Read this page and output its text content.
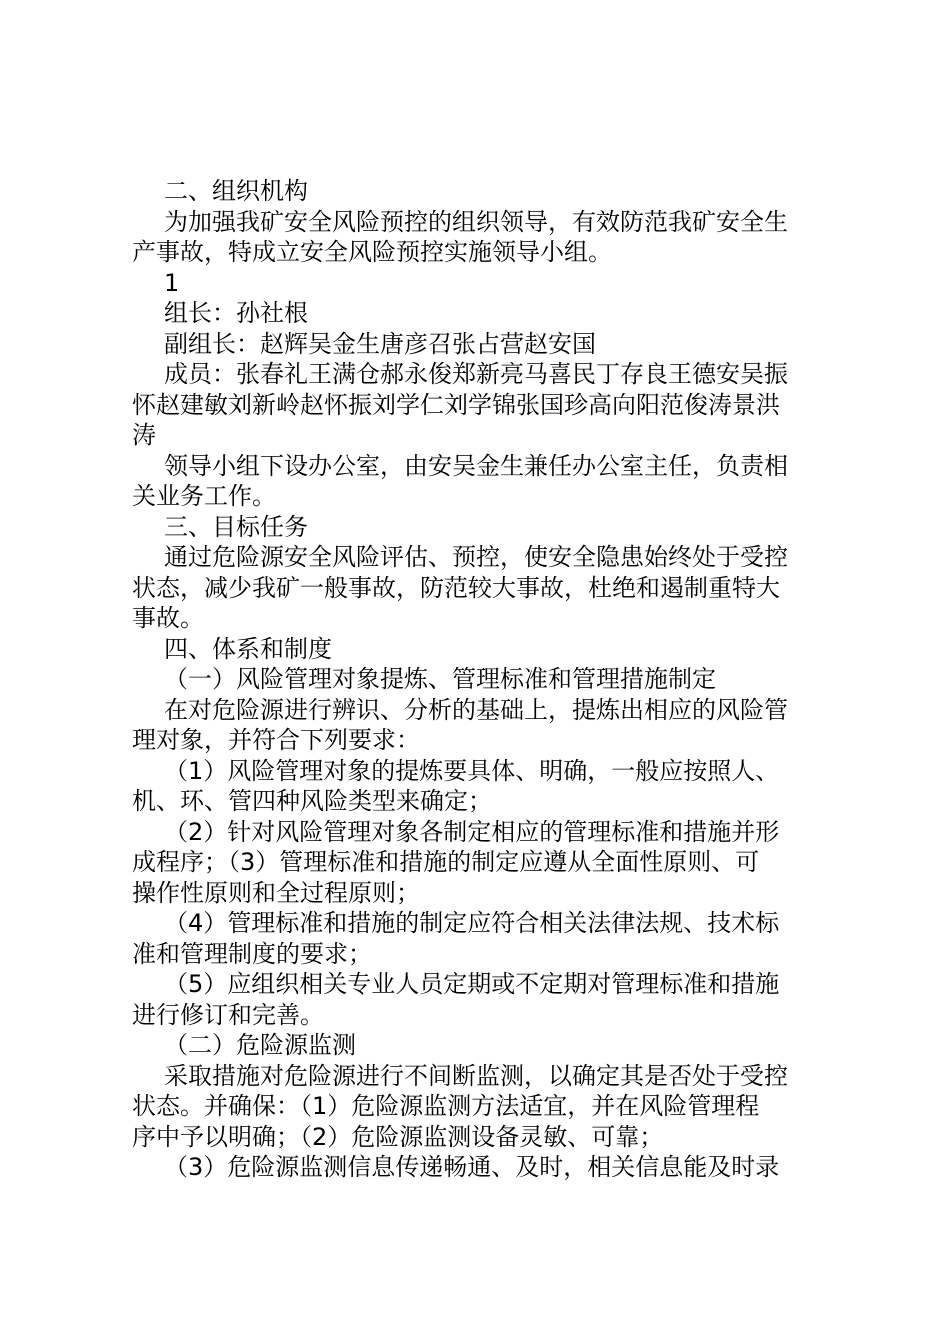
二、组织机构
为加强我矿安全风险预控的组织领导，有效防范我矿安全生
产事故，特成立安全风险预控实施领导小组。
1
组长：孙社根
副组长：赵辉吴金生唐彦召张占营赵安国
成员：张春礼王满仓郝永俊郑新亮马喜民丁存良王德安吴振
怀赵建敏刘新岭赵怀振刘学仁刘学锦张国珍高向阳范俊涛景洪
涛
领导小组下设办公室，由安吴金生兼任办公室主任，负责相
关业务工作。
三、目标任务
通过危险源安全风险评估、预控，使安全隐患始终处于受控
状态，减少我矿一般事故，防范较大事故，杜绝和遏制重特大
事故。
四、体系和制度
（一）风险管理对象提炼、管理标准和管理措施制定
在对危险源进行辨识、分析的基础上，提炼出相应的风险管
理对象，并符合下列要求：
（1）风险管理对象的提炼要具体、明确，一般应按照人、
机、环、管四种风险类型来确定；
（2）针对风险管理对象各制定相应的管理标准和措施并形
成程序；（3）管理标准和措施的制定应遵从全面性原则、可
操作性原则和全过程原则；
（4）管理标准和措施的制定应符合相关法律法规、技术标
准和管理制度的要求；
（5）应组织相关专业人员定期或不定期对管理标准和措施
进行修订和完善。
（二）危险源监测
采取措施对危险源进行不间断监测，以确定其是否处于受控
状态。并确保：（1）危险源监测方法适宜，并在风险管理程
序中予以明确；（2）危险源监测设备灵敏、可靠；
（3）危险源监测信息传递畅通、及时，相关信息能及时录
